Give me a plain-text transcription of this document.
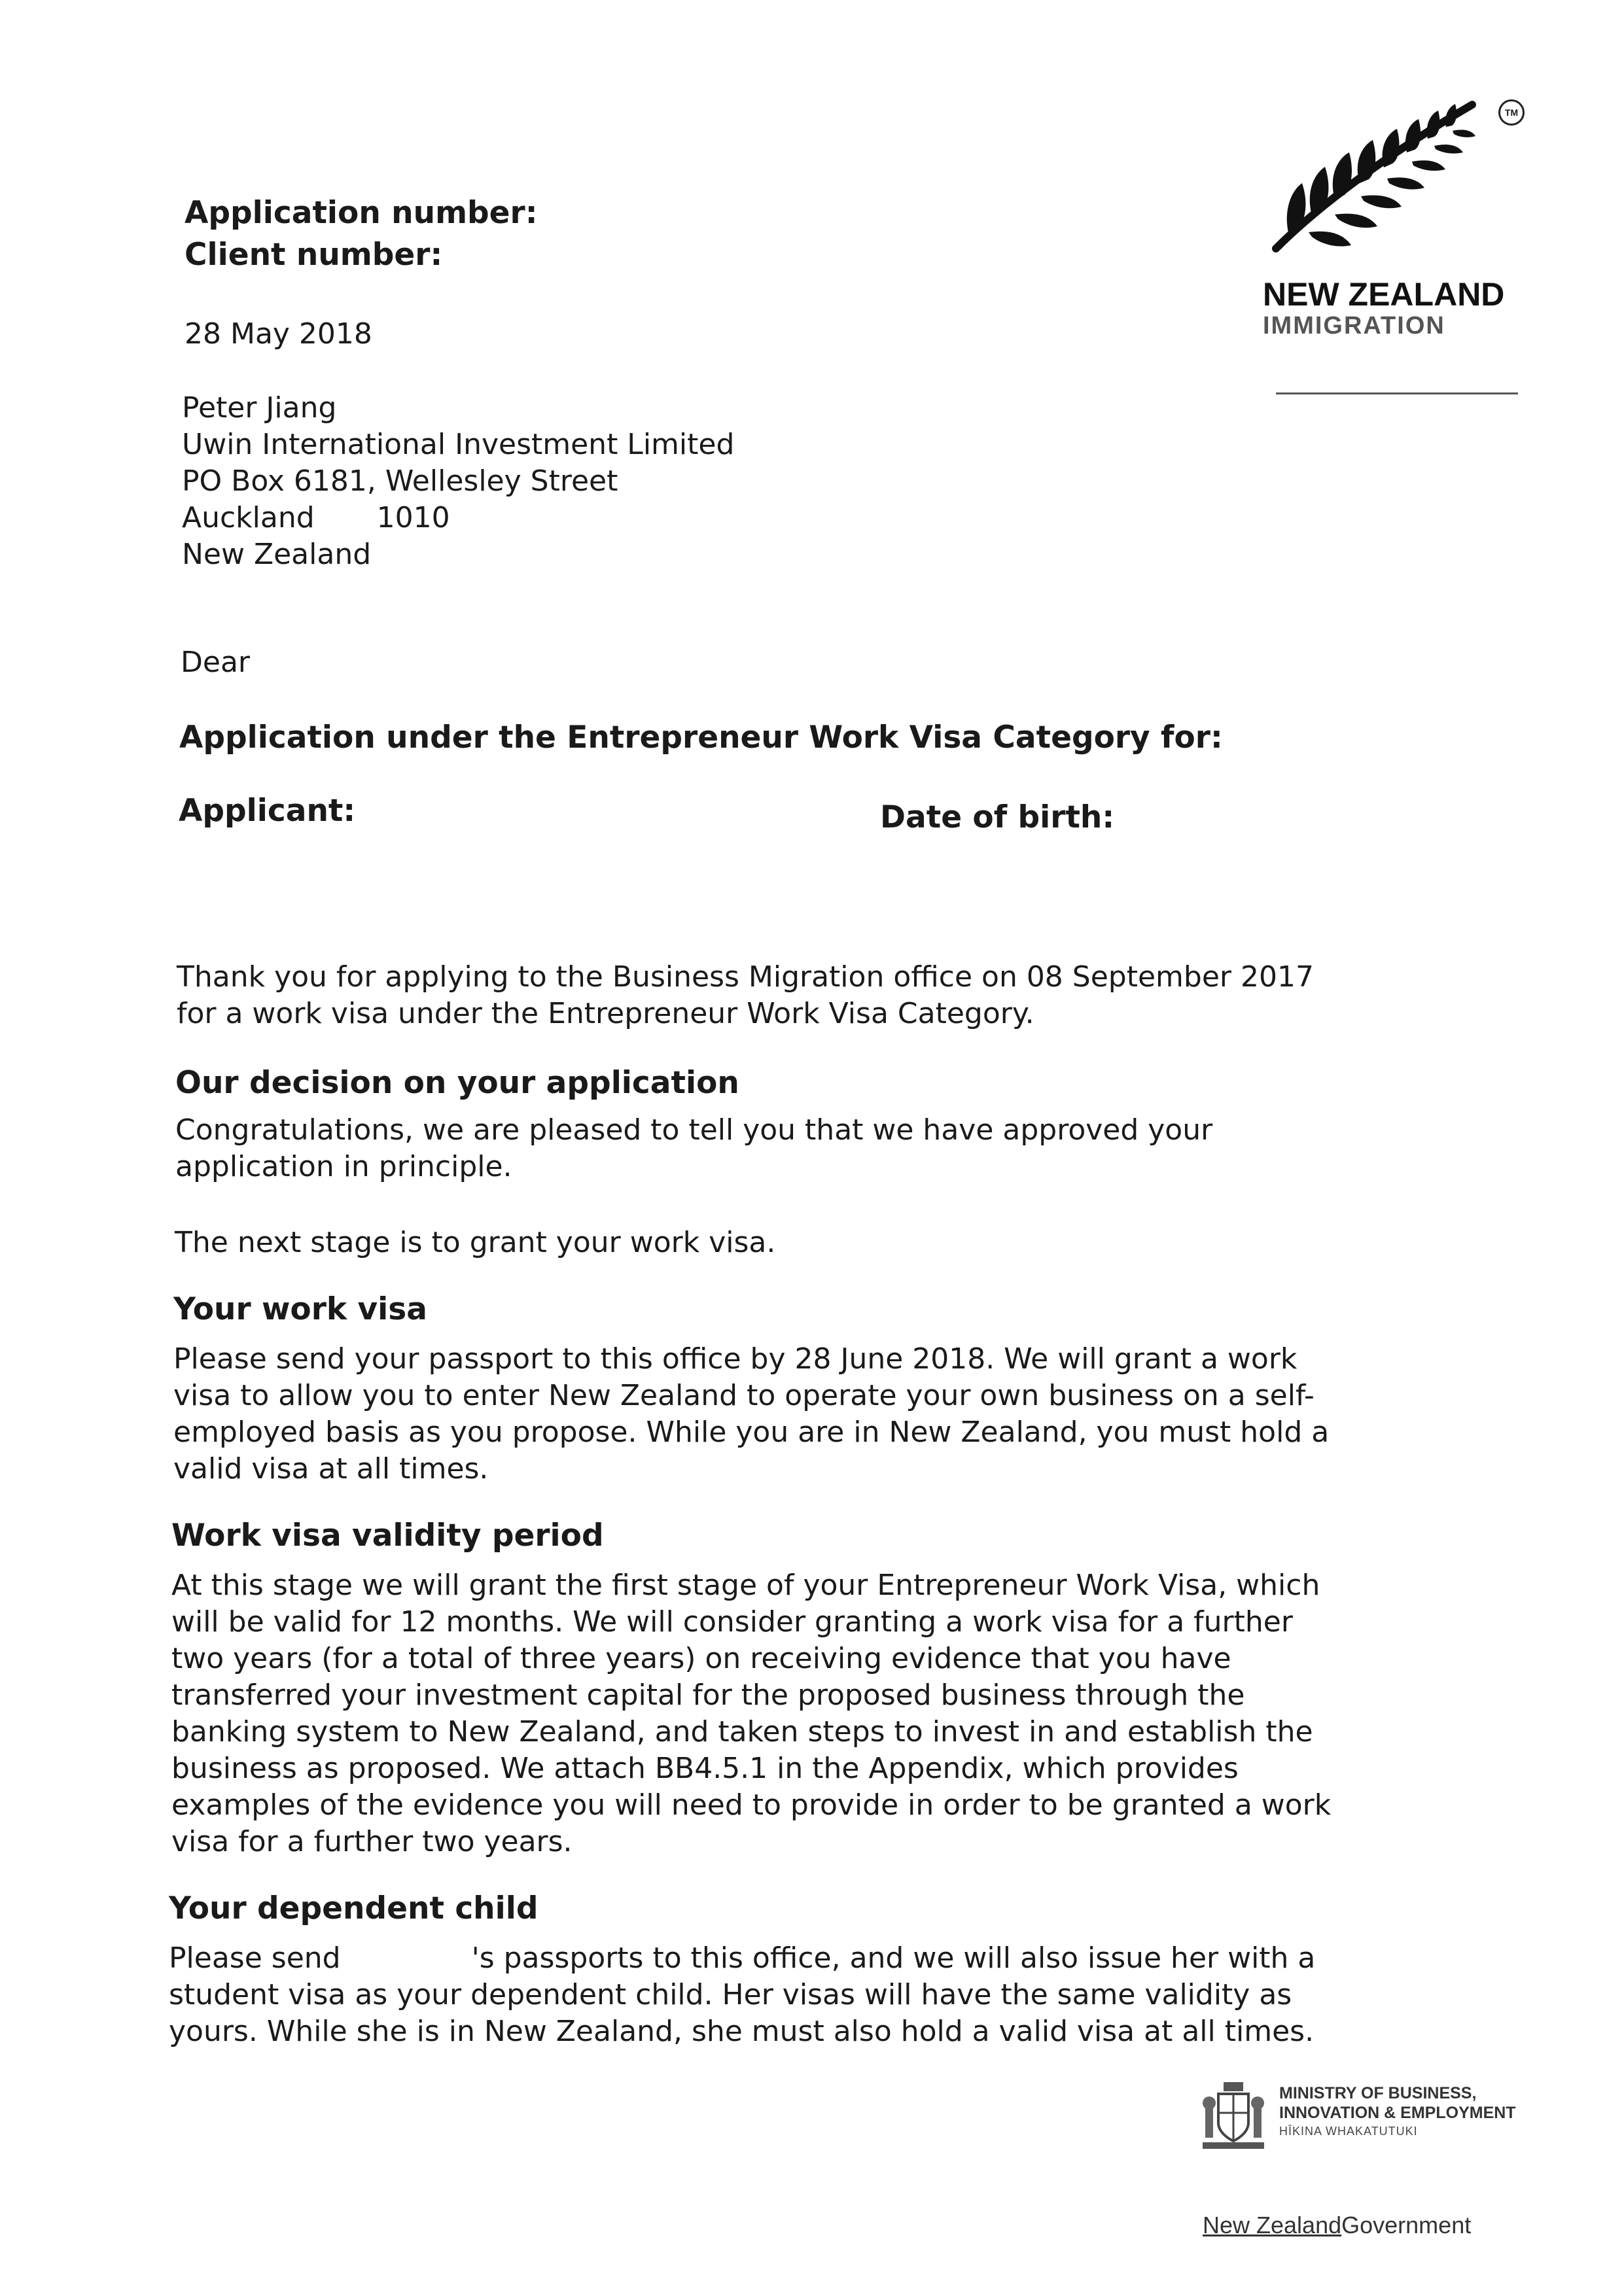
TM
NEW ZEALAND
IMMIGRATION
Application number:
Client number:
28 May 2018
Peter Jiang
Uwin International Investment Limited
PO Box 6181, Wellesley Street
Auckland 1010
New Zealand
Dear
Application under the Entrepreneur Work Visa Category for:
Applicant:	Date of birth:
Thank you for applying to the Business Migration office on 08 September 2017
for a work visa under the Entrepreneur Work Visa Category.
Our decision on your application
Congratulations, we are pleased to tell you that we have approved your
application in principle.
The next stage is to grant your work visa.
Your work visa
Please send your passport to this office by 28 June 2018. We will grant a work
visa to allow you to enter New Zealand to operate your own business on a self-
employed basis as you propose. While you are in New Zealand, you must hold a
valid visa at all times.
Work visa validity period
At this stage we will grant the first stage of your Entrepreneur Work Visa, which
will be valid for 12 months. We will consider granting a work visa for a further
two years (for a total of three years) on receiving evidence that you have
transferred your investment capital for the proposed business through the
banking system to New Zealand, and taken steps to invest in and establish the
business as proposed. We attach BB4.5.1 in the Appendix, which provides
examples of the evidence you will need to provide in order to be granted a work
visa for a further two years.
Your dependent child
Please send	's passports to this office, and we will also issue her with a
student visa as your dependent child. Her visas will have the same validity as
yours. While she is in New Zealand, she must also hold a valid visa at all times.
MINISTRY OF BUSINESS,
INNOVATION & EMPLOYMENT
HĪKINA WHAKATUTUKI
New ZealandGovernment
